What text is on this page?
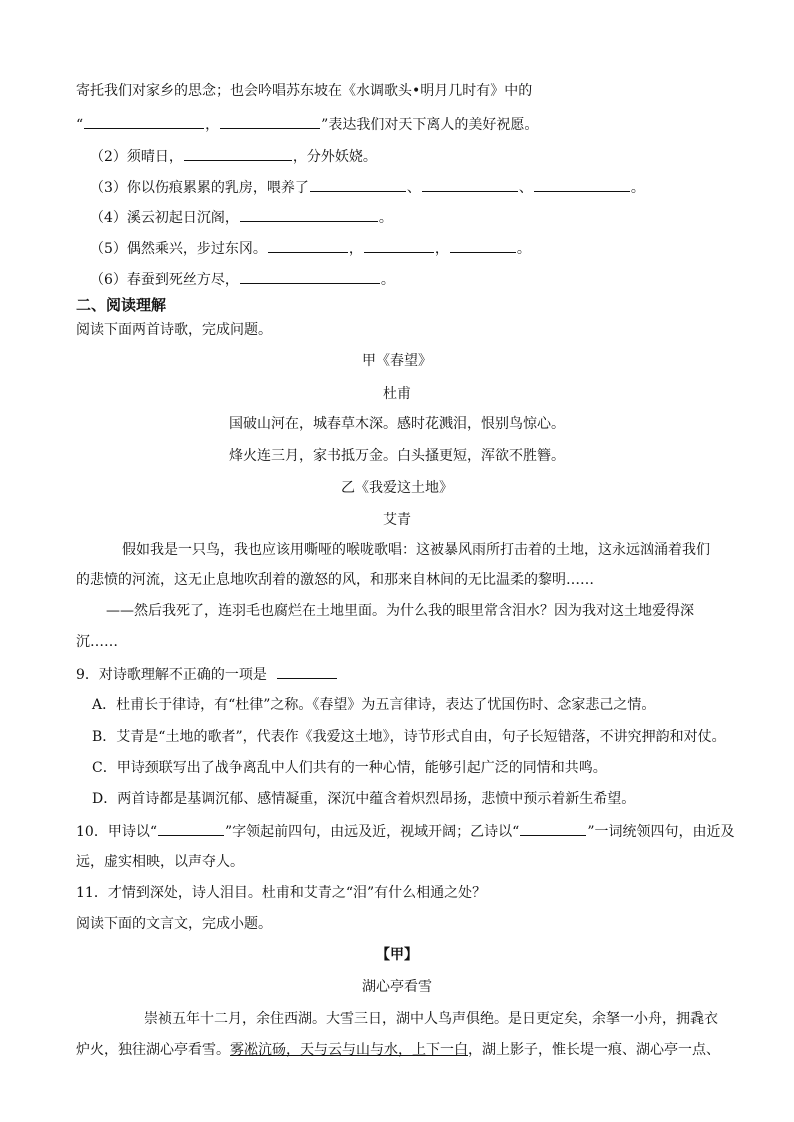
寄托我们对家乡的思念；也会吟唱苏东坡在《水调歌头•明月几时有》中的
“	，	”表达我们对天下离人的美好祝愿。
（2）须晴日，	，分外妖娆。
（3）你以伤痕累累的乳房，喂养了	、	、	。
（4）溪云初起日沉阁，	。
（5）偶然乘兴，步过东冈。	，	，	。
（6）春蚕到死丝方尽，	。
二、阅读理解
阅读下面两首诗歌，完成问题。
甲《春望》
杜甫
国破山河在，城春草木深。感时花溅泪，恨别鸟惊心。
烽火连三月，家书抵万金。白头搔更短，浑欲不胜簪。
乙《我爱这土地》
艾青
假如我是一只鸟，我也应该用嘶哑的喉咙歌唱：这被暴风雨所打击着的土地，这永远汹涌着我们
的悲愤的河流，这无止息地吹刮着的激怒的风，和那来自林间的无比温柔的黎明……
——然后我死了，连羽毛也腐烂在土地里面。为什么我的眼里常含泪水？因为我对这土地爱得深
沉……
9．对诗歌理解不正确的一项是
A．杜甫长于律诗，有“杜律”之称。《春望》为五言律诗，表达了忧国伤时、念家悲己之情。
B．艾青是“土地的歌者”，代表作《我爱这土地》，诗节形式自由，句子长短错落，不讲究押韵和对仗。
C．甲诗颈联写出了战争离乱中人们共有的一种心情，能够引起广泛的同情和共鸣。
D．两首诗都是基调沉郁、感情凝重，深沉中蕴含着炽烈昂扬，悲愤中预示着新生希望。
10．甲诗以“	”字领起前四句，由远及近，视域开阔；乙诗以“	”一词统领四句，由近及
远，虚实相映，以声夺人。
11．才情到深处，诗人泪目。杜甫和艾青之“泪”有什么相通之处？
阅读下面的文言文，完成小题。
【甲】
湖心亭看雪
崇祯五年十二月，余住西湖。大雪三日，湖中人鸟声俱绝。是日更定矣，余拏一小舟，拥毳衣
炉火，独往湖心亭看雪。雾凇沆砀，天与云与山与水，上下一白，湖上影子，惟长堤一痕、湖心亭一点、
